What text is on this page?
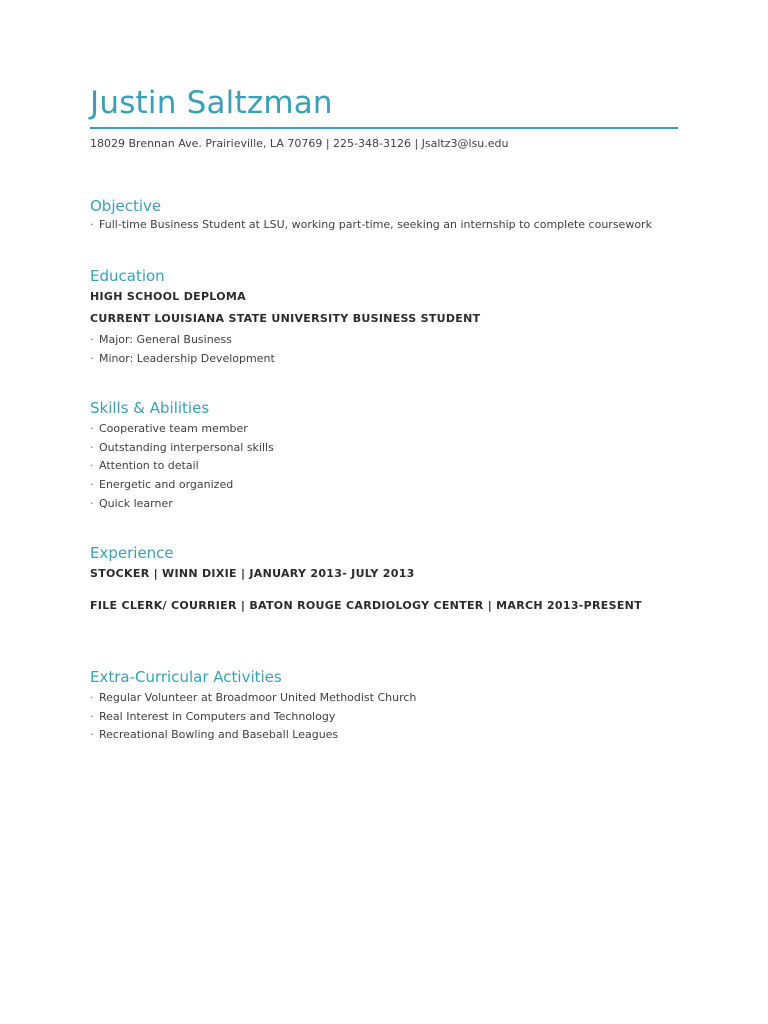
Justin Saltzman
18029 Brennan Ave. Prairieville, LA 70769 | 225-348-3126 | Jsaltz3@lsu.edu
Objective
· Full-time Business Student at LSU, working part-time, seeking an internship to complete coursework
Education
HIGH SCHOOL DEPLOMA
CURRENT LOUISIANA STATE UNIVERSITY BUSINESS STUDENT
· Major: General Business
· Minor: Leadership Development
Skills & Abilities
· Cooperative team member
· Outstanding interpersonal skills
· Attention to detail
· Energetic and organized
· Quick learner
Experience
STOCKER | WINN DIXIE | JANUARY 2013- JULY 2013
FILE CLERK/ COURRIER | BATON ROUGE CARDIOLOGY CENTER | MARCH 2013-PRESENT
Extra-Curricular Activities
· Regular Volunteer at Broadmoor United Methodist Church
· Real Interest in Computers and Technology
· Recreational Bowling and Baseball Leagues
